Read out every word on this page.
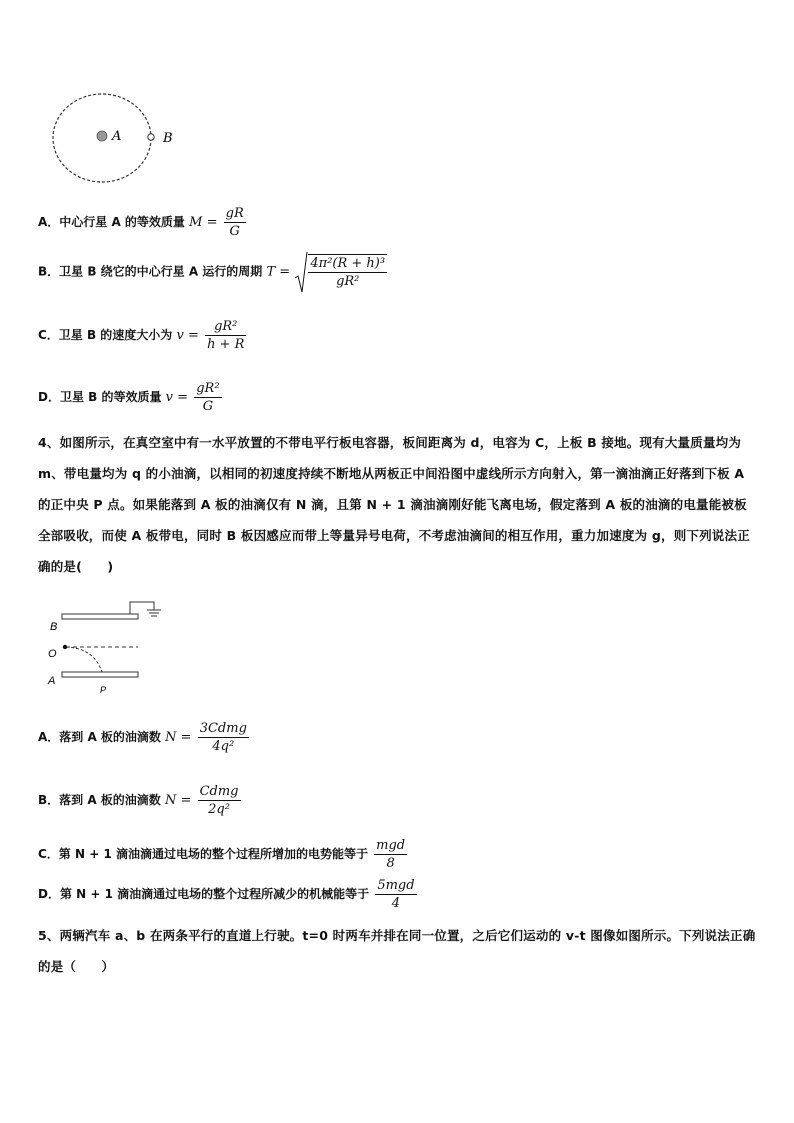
A	B
A．中心行星 A 的等效质量 $M = \frac{gR}{G}$
B．卫星 B 绕它的中心行星 A 运行的周期 $T = \frac{\text{4π²(R + h)³}}{\text{gR²}}$
C．卫星 B 的速度大小为 $v = \frac{\text{gR²}}{h + R}$
D．卫星 B 的等效质量 $v = \frac{\text{gR²}}{G}$
4、如图所示，在真空室中有一水平放置的不带电平行板电容器，板间距离为 d，电容为 C，上板 B 接地。现有大量质量均为 m、带电量均为 q 的小油滴，以相同的初速度持续不断地从两板正中间沿图中虚线所示方向射入，第一滴油滴正好落到下板 A 的正中央 P 点。如果能落到 A 板的油滴仅有 N 滴，且第 N + 1 滴油滴刚好能飞离电场，假定落到 A 板的油滴的电量能被板全部吸收，而使 A 板带电，同时 B 板因感应而带上等量异号电荷，不考虑油滴间的相互作用，重力加速度为 g，则下列说法正确的是(　　)
B
O
A
P
A．落到 A 板的油滴数 $N = \frac{\text{3Cdmg}}{\text{4q²}}$
B．落到 A 板的油滴数 $N = \frac{\text{Cdmg}}{\text{2q²}}$
C．第 N + 1 滴油滴通过电场的整个过程所增加的电势能等于 $\frac{\text{mgd}}{8}$
D．第 N + 1 滴油滴通过电场的整个过程所减少的机械能等于 $\frac{\text{5mgd}}{4}$
5、两辆汽车 a、b 在两条平行的直道上行驶。t=0 时两车并排在同一位置，之后它们运动的 v-t 图像如图所示。下列说法正确的是（　　）
